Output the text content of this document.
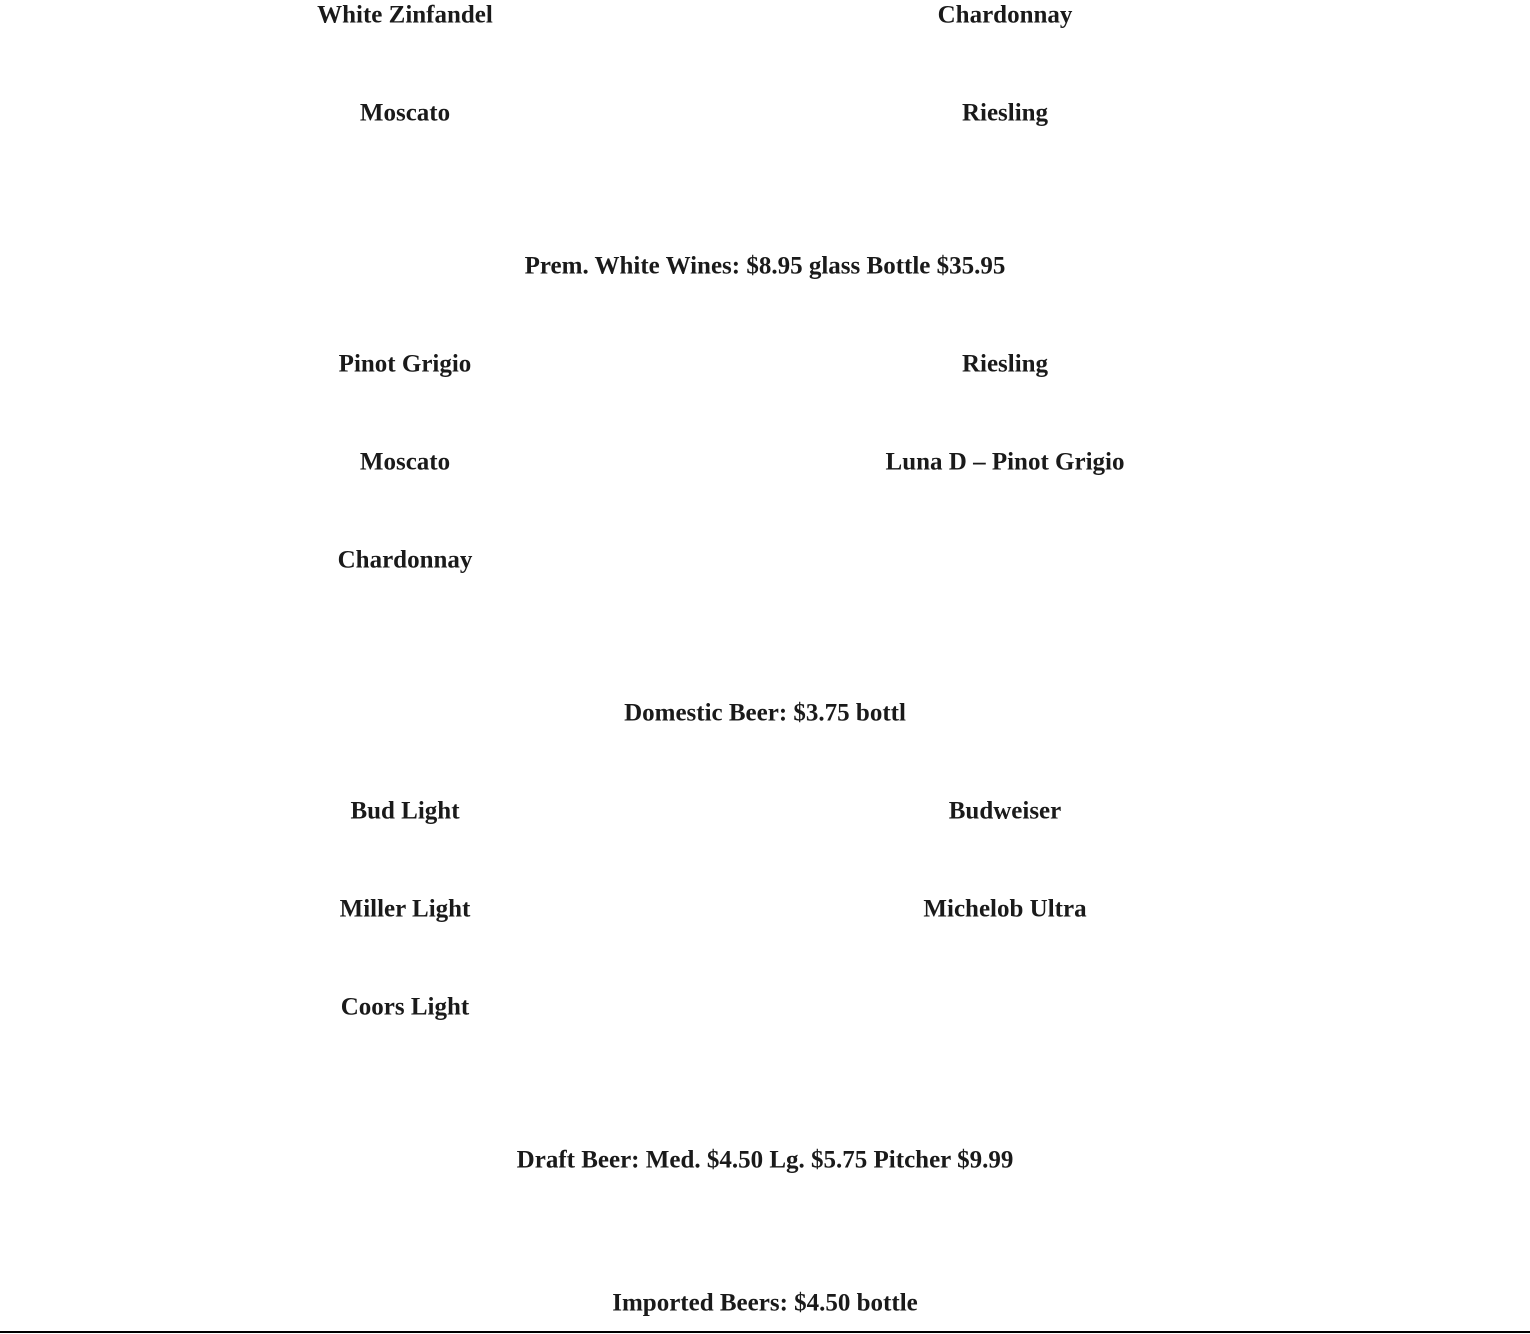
White Zinfandel	Chardonnay
Moscato	Riesling
Prem. White Wines: $8.95 glass Bottle $35.95
Pinot Grigio	Riesling
Moscato	Luna D – Pinot Grigio
Chardonnay
Domestic Beer: $3.75 bottl
Bud Light	Budweiser
Miller Light	Michelob Ultra
Coors Light
Draft Beer: Med. $4.50 Lg. $5.75 Pitcher $9.99
Imported Beers: $4.50 bottle
